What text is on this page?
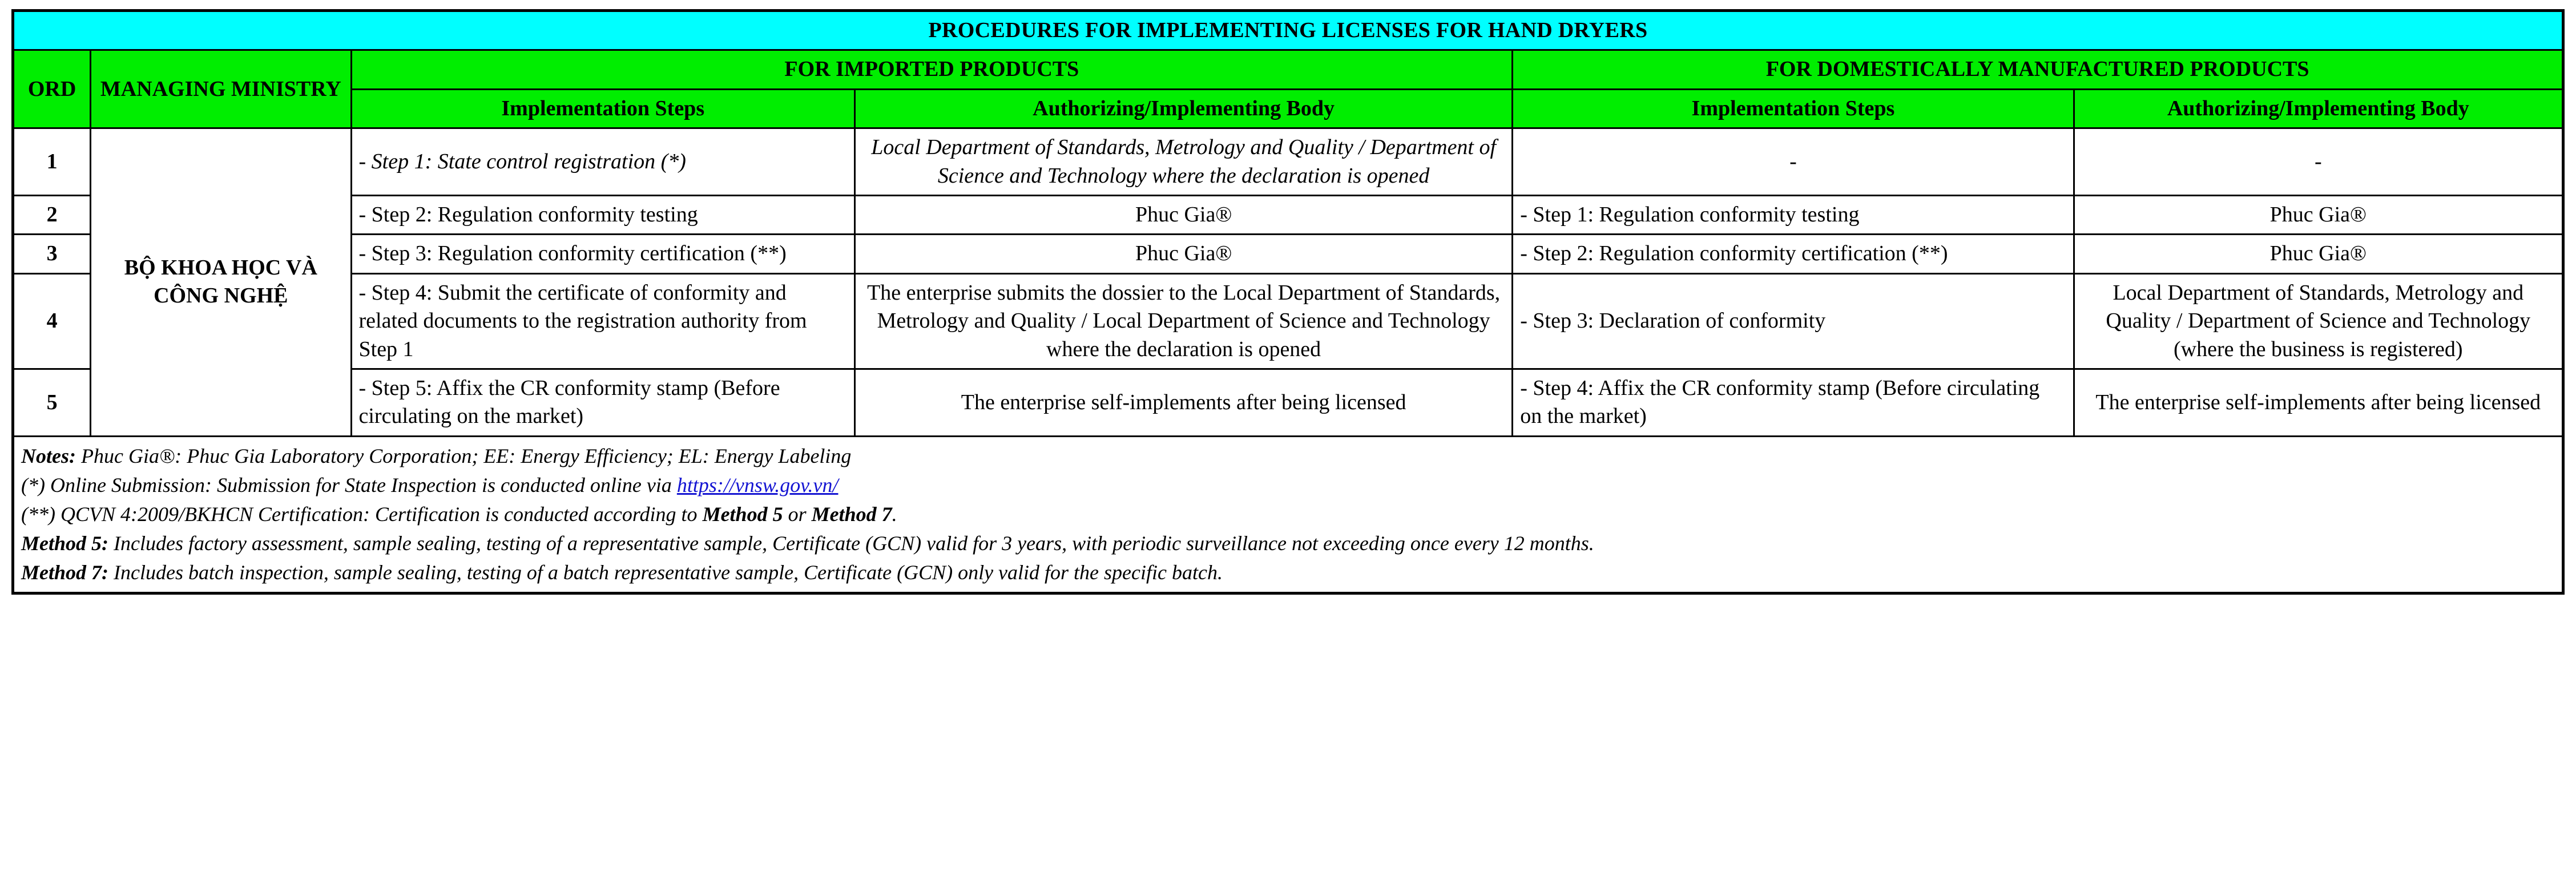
PROCEDURES FOR IMPLEMENTING LICENSES FOR HAND DRYERS					
ORD	MANAGING MINISTRY	FOR IMPORTED PRODUCTS		FOR DOMESTICALLY MANUFACTURED PRODUCTS	
		Implementation Steps	Authorizing/Implementing Body	Implementation Steps	Authorizing/Implementing Body
1	BỘ KHOA HỌC VÀ CÔNG NGHỆ	- Step 1: State control registration (*)	Local Department of Standards, Metrology and Quality / Department of Science and Technology where the declaration is opened	-	-
2		- Step 2: Regulation conformity testing	Phuc Gia®	- Step 1: Regulation conformity testing	Phuc Gia®
3		- Step 3: Regulation conformity certification (**)	Phuc Gia®	- Step 2: Regulation conformity certification (**)	Phuc Gia®
4		- Step 4: Submit the certificate of conformity and related documents to the registration authority from Step 1	The enterprise submits the dossier to the Local Department of Standards, Metrology and Quality / Local Department of Science and Technology where the declaration is opened	- Step 3: Declaration of conformity	Local Department of Standards, Metrology and Quality / Department of Science and Technology (where the business is registered)
5		- Step 5: Affix the CR conformity stamp (Before circulating on the market)	The enterprise self-implements after being licensed	- Step 4: Affix the CR conformity stamp (Before circulating on the market)	The enterprise self-implements after being licensed

Notes: Phuc Gia®: Phuc Gia Laboratory Corporation; EE: Energy Efficiency; EL: Energy Labeling
(*) Online Submission: Submission for State Inspection is conducted online via https://vnsw.gov.vn/
(**) QCVN 4:2009/BKHCN Certification: Certification is conducted according to Method 5 or Method 7.
Method 5: Includes factory assessment, sample sealing, testing of a representative sample, Certificate (GCN) valid for 3 years, with periodic surveillance not exceeding once every 12 months.
Method 7: Includes batch inspection, sample sealing, testing of a batch representative sample, Certificate (GCN) only valid for the specific batch.					
